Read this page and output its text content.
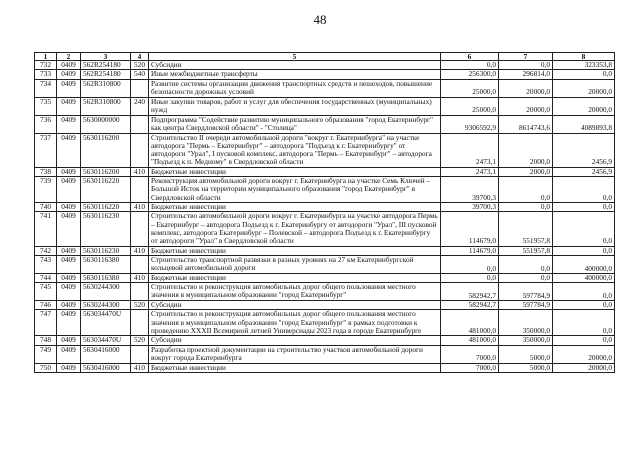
48
1	2	3	4	5	6	7	8
732	0409	562R254180	520	Субсидии	0,0	0,0	323353,8
733	0409	562R254180	540	Иные межбюджетные трансферты	256300,0	296814,0	0,0
734	0409	562R310800		Развитие системы организации движения транспортных средств и пешеходов, повышение безопасности дорожных условий	25000,0	20000,0	20000,0
735	0409	562R310800	240	Иные закупки товаров, работ и услуг для обеспечения государственных (муниципальных) нужд	25000,0	20000,0	20000,0
736	0409	5630000000		Подпрограмма "Содействие развитию муниципального образования "город Екатеринбург" как центра Свердловской области" - "Столица"	9306592,9	8614743,6	4089893,8
737	0409	5630116200		Строительство II очереди автомобильной дороги "вокруг г. Екатеринбурга" на участке автодорога "Пермь – Екатеринбург" – автодорога "Подъезд к г. Екатеринбургу" от автодороги "Урал", I пусковой комплекс, автодорога "Пермь – Екатеринбург" – автодорога "Подъезд к п. Медному" в Свердловской области	2473,1	2000,0	2456,9
738	0409	5630116200	410	Бюджетные инвестиции	2473,1	2000,0	2456,9
739	0409	5630116220		Реконструкция автомобильной дороги вокруг г. Екатеринбурга на участке Семь Ключей – Большой Исток на территории муниципального образования "город Екатеринбург" в Свердловской области	39700,3	0,0	0,0
740	0409	5630116220	410	Бюджетные инвестиции	39700,3	0,0	0,0
741	0409	5630116230		Строительство автомобильной дороги вокруг г. Екатеринбурга на участке автодорога Пермь – Екатеринбург – автодорога Подъезд к г. Екатеринбургу от автодороги "Урал", III пусковой комплекс, автодорога Екатеринбург – Полевской – автодорога Подъезд к г. Екатеринбургу от автодороги "Урал" в Свердловской области	114679,0	551957,8	0,0
742	0409	5630116230	410	Бюджетные инвестиции	114679,0	551957,8	0,0
743	0409	5630116380		Строительство транспортной развязки в разных уровнях на 27 км Екатеринбургской кольцевой автомобильной дороги	0,0	0,0	400000,0
744	0409	5630116380	410	Бюджетные инвестиции	0,0	0,0	400000,0
745	0409	5630244300		Строительство и реконструкция автомобильных дорог общего пользования местного значения в муниципальном образовании "город Екатеринбург"	582942,7	597784,9	0,0
746	0409	5630244300	520	Субсидии	582942,7	597784,9	0,0
747	0409	563034470U		Строительство и реконструкция автомобильных дорог общего пользования местного значения в муниципальном образовании "город Екатеринбург" в рамках подготовки к проведению XXXII Всемирной летней Универсиады 2023 года в городе Екатеринбурге	481000,0	350000,0	0,0
748	0409	563034470U	520	Субсидии	481000,0	350000,0	0,0
749	0409	5630416000		Разработка проектной документации на строительство участков автомобильной дороги вокруг города Екатеринбурга	7000,0	5000,0	20000,0
750	0409	5630416000	410	Бюджетные инвестиции	7000,0	5000,0	20000,0
